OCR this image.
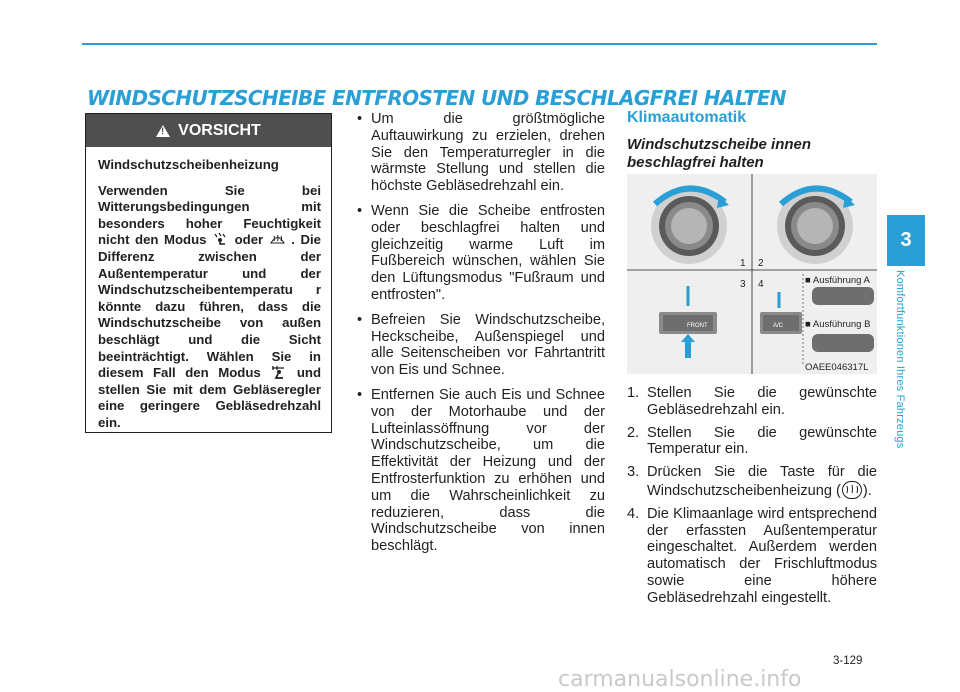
WINDSCHUTZSCHEIBE ENTFROSTEN UND BESCHLAGFREI HALTEN
!
VORSICHT
Windschutzscheibenheizung
Verwenden Sie bei Witterungsbedingungen mit besonders hoher Feuchtigkeit nicht den Modus oder . Die Differenz zwischen der Außentemperatur und der Windschutzscheibentemperatu r könnte dazu führen, dass die Windschutzscheibe von außen beschlägt und die Sicht beeinträchtigt. Wählen Sie in diesem Fall den Modus	und stellen Sie mit dem Gebläseregler eine geringere Gebläsedrehzahl ein.
• Um die größtmögliche Auftauwirkung zu erzielen, drehen Sie den Temperaturregler in die wärmste Stellung und stellen die höchste Gebläsedrehzahl ein.
• Wenn Sie die Scheibe entfrosten oder beschlagfrei halten und gleichzeitig warme Luft im Fußbereich wünschen, wählen Sie den Lüftungsmodus "Fußraum und entfrosten".
• Befreien Sie Windschutzscheibe, Heckscheibe, Außenspiegel und alle Seitenscheiben vor Fahrtantritt von Eis und Schnee.
• Entfernen Sie auch Eis und Schnee von der Motorhaube und der Lufteinlassöffnung vor der Windschutzscheibe, um die Effektivität der Heizung und der Entfrosterfunktion zu erhöhen und um die Wahrscheinlichkeit zu reduzieren, dass die Windschutzscheibe von innen beschlägt.
Klimaautomatik
Windschutzscheibe innen beschlagfrei halten
1 2
3 4
FRONT	A/C
■ Ausführung A
■ Ausführung B
OAEE046317L
1. Stellen Sie die gewünschte Gebläsedrehzahl ein.
2. Stellen Sie die gewünschte Temperatur ein.
3. Drücken Sie die Taste für die Windschutzscheibenheizung ( ).
4. Die Klimaanlage wird entsprechend der erfassten Außentemperatur eingeschaltet. Außerdem werden automatisch der Frischluftmodus sowie eine höhere Gebläsedrehzahl eingestellt.
3
Komfortfunktionen Ihres Fahrzeugs
3-129
carmanualsonline.info
